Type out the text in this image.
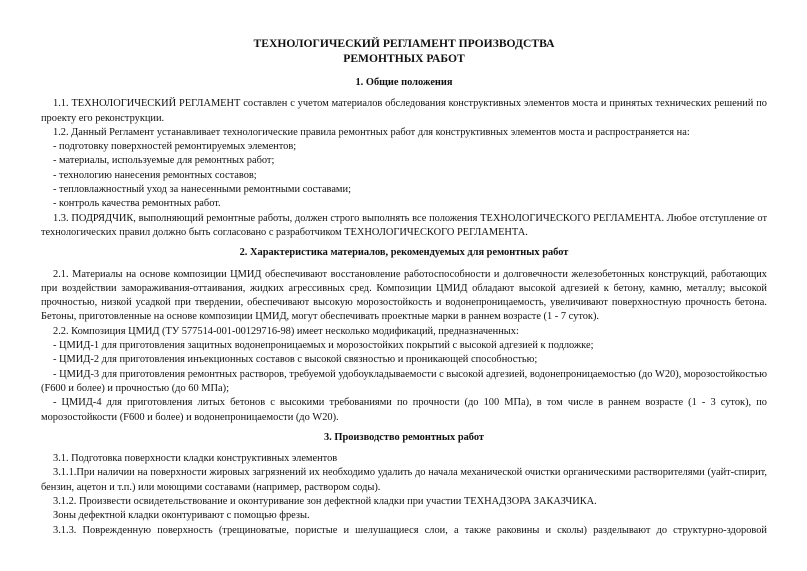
ТЕХНОЛОГИЧЕСКИЙ РЕГЛАМЕНТ ПРОИЗВОДСТВА
РЕМОНТНЫХ РАБОТ
1. Общие положения

1.1. ТЕХНОЛОГИЧЕСКИЙ РЕГЛАМЕНТ составлен с учетом материалов обследования конструктивных элементов моста и принятых технических решений по проекту его реконструкции.

1.2. Данный Регламент устанавливает технологические правила ремонтных работ для конструктивных элементов моста и распространяется на:

- подготовку поверхностей ремонтируемых элементов;

- материалы, используемые для ремонтных работ;

- технологию нанесения ремонтных составов;

- тепловлажностный уход за нанесенными ремонтными составами;

- контроль качества ремонтных работ.

1.3. ПОДРЯДЧИК, выполняющий ремонтные работы, должен строго выполнять все положения ТЕХНОЛОГИЧЕСКОГО РЕГЛАМЕНТА. Любое отступление от технологических правил должно быть согласовано с разработчиком ТЕХНОЛОГИЧЕСКОГО РЕГЛАМЕНТА.

2. Характеристика материалов, рекомендуемых для ремонтных работ

2.1. Материалы на основе композиции ЦМИД обеспечивают восстановление работоспособности и долговечности железобетонных конструкций, работающих при воздействии замораживания-оттаивания, жидких агрессивных сред. Композиции ЦМИД обладают высокой адгезией к бетону, камню, металлу; высокой прочностью, низкой усадкой при твердении, обеспечивают высокую морозостойкость и водонепроницаемость, увеличивают поверхностную прочность бетона. Бетоны, приготовленные на основе композиции ЦМИД, могут обеспечивать проектные марки в раннем возрасте (1 - 7 суток).

2.2. Композиция ЦМИД (ТУ 577514-001-00129716-98) имеет несколько модификаций, предназначенных:

- ЦМИД-1 для приготовления защитных водонепроницаемых и морозостойких покрытий с высокой адгезией к подложке;

- ЦМИД-2 для приготовления инъекционных составов с высокой связностью и проникающей способностью;

- ЦМИД-3 для приготовления ремонтных растворов, требуемой удобоукладываемости с высокой адгезией, водонепроницаемостью (до W20), морозостойкостью (F600 и более) и прочностью (до 60 МПа);

- ЦМИД-4 для приготовления литых бетонов с высокими требованиями по прочности (до 100 МПа), в том числе в раннем возрасте (1 - 3 суток), по морозостойкости (F600 и более) и водонепроницаемости (до W20).

3. Производство ремонтных работ

3.1. Подготовка поверхности кладки конструктивных элементов

3.1.1.При наличии на поверхности жировых загрязнений их необходимо удалить до начала механической очистки органическими растворителями (уайт-спирит, бензин, ацетон и т.п.) или моющими составами (например, раствором соды).

3.1.2. Произвести освидетельствование и оконтуривание зон дефектной кладки при участии ТЕХНАДЗОРА ЗАКАЗЧИКА.

Зоны дефектной кладки оконтуривают с помощью фрезы.

3.1.3. Поврежденную поверхность (трещиноватые, пористые и шелушащиеся слои, а также раковины и сколы) разделывают до структурно-здоровой
